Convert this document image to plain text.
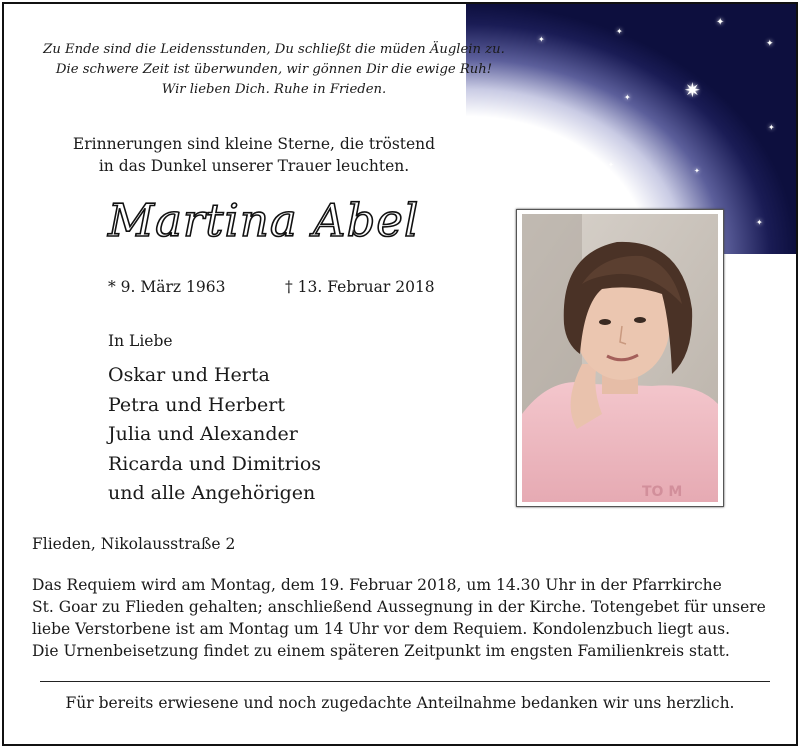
✦
✦
✦	✦
✷
✦
✦
✦
✦
✦
Zu Ende sind die Leidensstunden, Du schließt die müden Äuglein zu.
Die schwere Zeit ist überwunden, wir gönnen Dir die ewige Ruh!
Wir lieben Dich. Ruhe in Frieden.
Erinnerungen sind kleine Sterne, die tröstend
in das Dunkel unserer Trauer leuchten.
Martina Abel
* 9. März 1963	† 13. Februar 2018
In Liebe
Oskar und Herta
Petra und Herbert
Julia und Alexander
Ricarda und Dimitrios
und alle Angehörigen	TO M
Flieden, Nikolausstraße 2
Das Requiem wird am Montag, dem 19. Februar 2018, um 14.30 Uhr in der Pfarrkirche
St. Goar zu Flieden gehalten; anschließend Aussegnung in der Kirche. Totengebet für unsere
liebe Verstorbene ist am Montag um 14 Uhr vor dem Requiem. Kondolenzbuch liegt aus.
Die Urnenbeisetzung findet zu einem späteren Zeitpunkt im engsten Familienkreis statt.
Für bereits erwiesene und noch zugedachte Anteilnahme bedanken wir uns herzlich.
